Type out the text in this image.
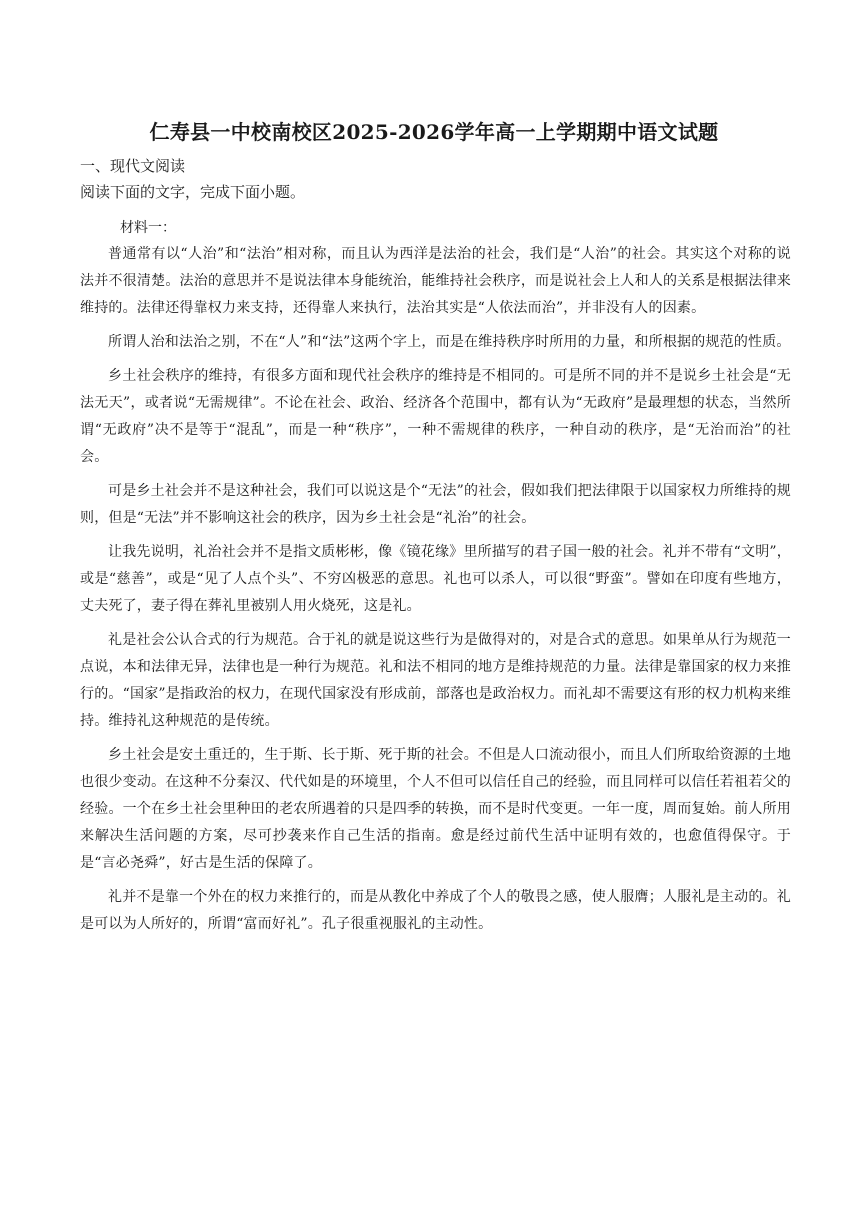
仁寿县一中校南校区2025-2026学年高一上学期期中语文试题
一、现代文阅读
阅读下面的文字，完成下面小题。
材料一：

普通常有以“人治”和“法治”相对称，而且认为西洋是法治的社会，我们是“人治”的社会。其实这个对称的说法并不很清楚。法治的意思并不是说法律本身能统治，能维持社会秩序，而是说社会上人和人的关系是根据法律来维持的。法律还得靠权力来支持，还得靠人来执行，法治其实是“人依法而治”，并非没有人的因素。

所谓人治和法治之别，不在“人”和“法”这两个字上，而是在维持秩序时所用的力量，和所根据的规范的性质。

乡土社会秩序的维持，有很多方面和现代社会秩序的维持是不相同的。可是所不同的并不是说乡土社会是“无法无天”，或者说“无需规律”。不论在社会、政治、经济各个范围中，都有认为“无政府”是最理想的状态，当然所谓“无政府”决不是等于“混乱”，而是一种“秩序”，一种不需规律的秩序，一种自动的秩序，是“无治而治”的社会。

可是乡土社会并不是这种社会，我们可以说这是个“无法”的社会，假如我们把法律限于以国家权力所维持的规则，但是“无法”并不影响这社会的秩序，因为乡土社会是“礼治”的社会。

让我先说明，礼治社会并不是指文质彬彬，像《镜花缘》里所描写的君子国一般的社会。礼并不带有“文明”，或是“慈善”，或是“见了人点个头”、不穷凶极恶的意思。礼也可以杀人，可以很“野蛮”。譬如在印度有些地方，丈夫死了，妻子得在葬礼里被别人用火烧死，这是礼。

礼是社会公认合式的行为规范。合于礼的就是说这些行为是做得对的，对是合式的意思。如果单从行为规范一点说，本和法律无异，法律也是一种行为规范。礼和法不相同的地方是维持规范的力量。法律是靠国家的权力来推行的。“国家”是指政治的权力，在现代国家没有形成前，部落也是政治权力。而礼却不需要这有形的权力机构来维持。维持礼这种规范的是传统。

乡土社会是安土重迁的，生于斯、长于斯、死于斯的社会。不但是人口流动很小，而且人们所取给资源的土地也很少变动。在这种不分秦汉、代代如是的环境里，个人不但可以信任自己的经验，而且同样可以信任若祖若父的经验。一个在乡土社会里种田的老农所遇着的只是四季的转换，而不是时代变更。一年一度，周而复始。前人所用来解决生活问题的方案，尽可抄袭来作自己生活的指南。愈是经过前代生活中证明有效的，也愈值得保守。于是“言必尧舜”，好古是生活的保障了。

礼并不是靠一个外在的权力来推行的，而是从教化中养成了个人的敬畏之感，使人服膺；人服礼是主动的。礼是可以为人所好的，所谓“富而好礼”。孔子很重视服礼的主动性。
